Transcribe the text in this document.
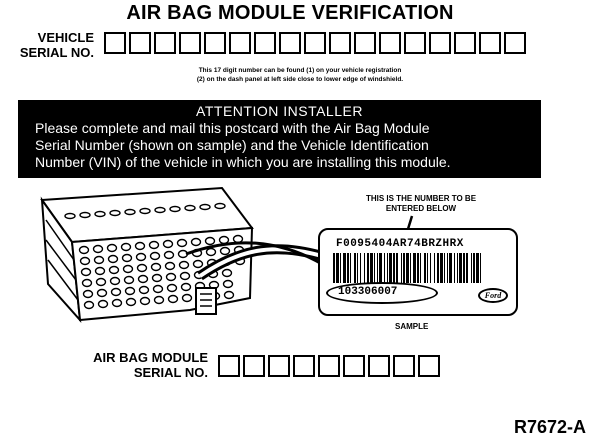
AIR BAG MODULE VERIFICATION
VEHICLE
SERIAL NO.
This 17 digit number can be found (1) on your vehicle registration
(2) on the dash panel at left side close to lower edge of windshield.
ATTENTION INSTALLER
Please complete and mail this postcard with the Air Bag Module
Serial Number (shown on sample) and the Vehicle Identification
Number (VIN) of the vehicle in which you are installing this module.
THIS IS THE NUMBER TO BE
ENTERED BELOW
F0095404AR74BRZHRX
103306007	Ford
SAMPLE
AIR BAG MODULE
SERIAL NO.
R7672-A
